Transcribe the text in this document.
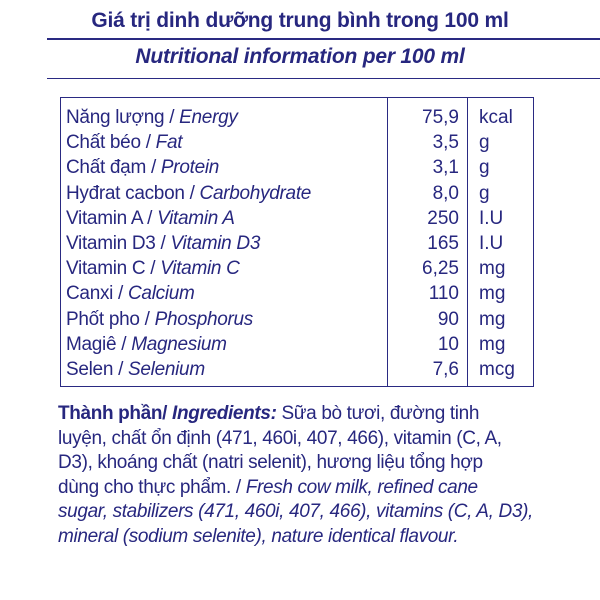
Giá trị dinh dưỡng trung bình trong 100 ml
Nutritional information per 100 ml
Năng lượng / Energy	75,9 kcal
Chất béo / Fat	3,5 g
Chất đạm / Protein	3,1 g
Hyđrat cacbon / Carbohydrate	8,0 g
Vitamin A / Vitamin A	250 I.U
Vitamin D3 / Vitamin D3	165 I.U
Vitamin C / Vitamin C	6,25 mg
Canxi / Calcium	110 mg
Phốt pho / Phosphorus	90 mg
Magiê / Magnesium	10 mg
Selen / Selenium	7,6 mcg
Thành phần/ Ingredients: Sữa bò tươi, đường tinh
luyện, chất ổn định (471, 460i, 407, 466), vitamin (C, A,
D3), khoáng chất (natri selenit), hương liệu tổng hợp
dùng cho thực phẩm. / Fresh cow milk, refined cane
sugar, stabilizers (471, 460i, 407, 466), vitamins (C, A, D3),
mineral (sodium selenite), nature identical flavour.
